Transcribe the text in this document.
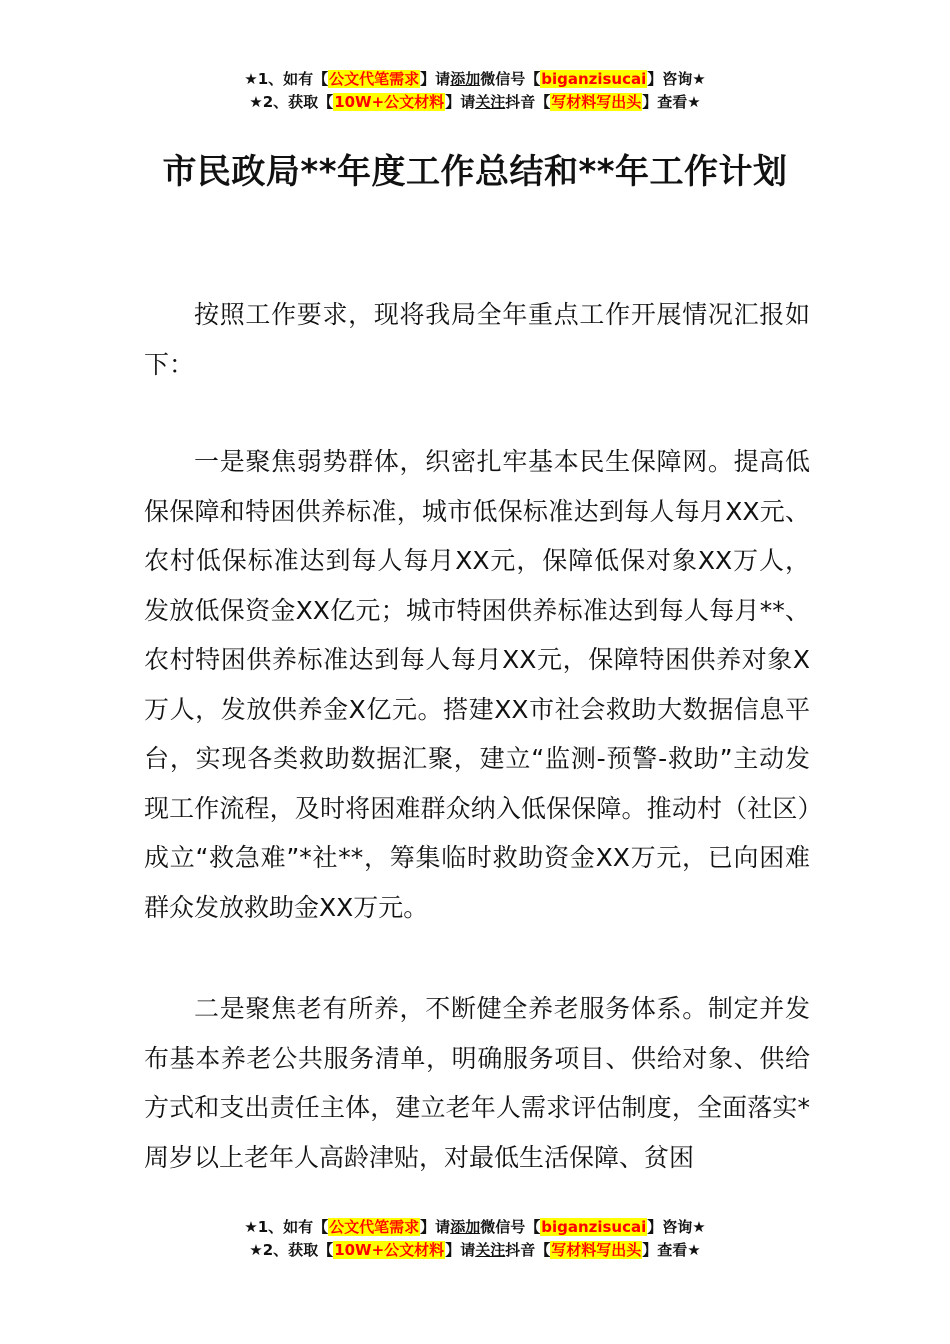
★1、如有【公文代笔需求】请添加微信号【biganzisucai】咨询★
★2、获取【10W+公文材料】请关注抖音【写材料写出头】查看★
市民政局**年度工作总结和**年工作计划

按照工作要求，现将我局全年重点工作开展情况汇报如下：

一是聚焦弱势群体，织密扎牢基本民生保障网。提高低保保障和特困供养标准，城市低保标准达到每人每月XX元、农村低保标准达到每人每月XX元，保障低保对象XX万人，发放低保资金XX亿元；城市特困供养标准达到每人每月**、农村特困供养标准达到每人每月XX元，保障特困供养对象X万人，发放供养金X亿元。搭建XX市社会救助大数据信息平台，实现各类救助数据汇聚，建立“监测-预警-救助”主动发现工作流程，及时将困难群众纳入低保保障。推动村（社区）成立“救急难”*社**，筹集临时救助资金XX万元，已向困难群众发放救助金XX万元。

二是聚焦老有所养，不断健全养老服务体系。制定并发布基本养老公共服务清单，明确服务项目、供给对象、供给方式和支出责任主体，建立老年人需求评估制度，全面落实*周岁以上老年人高龄津贴，对最低生活保障、贫困

★1、如有【公文代笔需求】请添加微信号【biganzisucai】咨询★
★2、获取【10W+公文材料】请关注抖音【写材料写出头】查看★
